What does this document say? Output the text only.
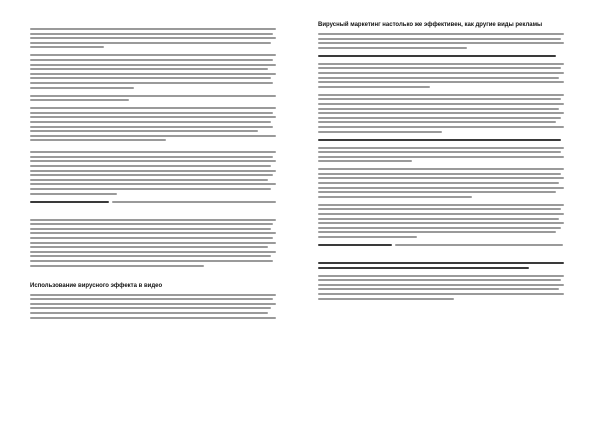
Использование вирусного эффекта в видео
Вирусный маркетинг настолько же эффективен, как другие виды рекламы
